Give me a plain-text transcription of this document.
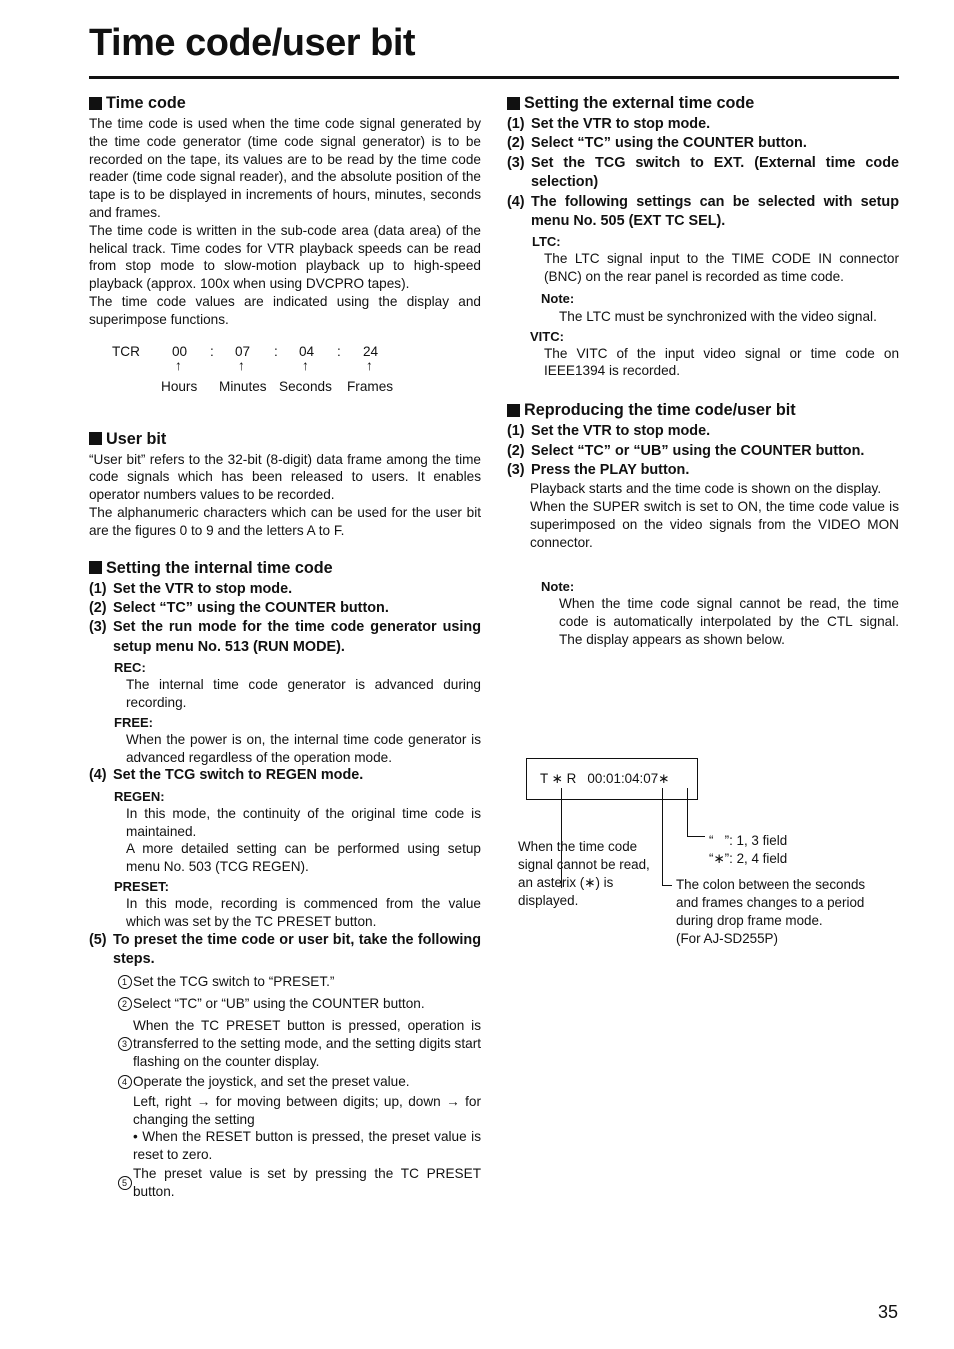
Time code/user bit
Time code

The time code is used when the time code signal generated by the time code generator (time code signal generator) is to be recorded on the tape, its values are to be read by the time code reader (time code signal reader), and the absolute position of the tape is to be displayed in increments of hours, minutes, seconds and frames.

The time code is written in the sub-code area (data area) of the helical track. Time codes for VTR playback speeds can be read from stop mode to slow-motion playback up to high-speed playback (approx. 100x when using DVCPRO tapes).

The time code values are indicated using the display and superimpose functions.

TCR 00 : 07 : 04 : 24
↑	↑	↑	↑
Hours Minutes Seconds Frames
User bit

“User bit” refers to the 32-bit (8-digit) data frame among the time code signals which has been released to users. It enables operator numbers values to be recorded.

The alphanumeric characters which can be used for the user bit are the figures 0 to 9 and the letters A to F.

Setting the internal time code
(1) Set the VTR to stop mode.
(2) Select “TC” using the COUNTER button.
(3) Set the run mode for the time code generator using setup menu No. 513 (RUN MODE).
REC:

The internal time code generator is advanced during recording.

FREE:

When the power is on, the internal time code generator is advanced regardless of the operation mode.

(4) Set the TCG switch to REGEN mode.
REGEN:

In this mode, the continuity of the original time code is maintained.

A more detailed setting can be performed using setup menu No. 503 (TCG REGEN).

PRESET:

In this mode, recording is commenced from the value which was set by the TC PRESET button.

(5) To preset the time code or user bit, take the following steps.
1 Set the TCG switch to “PRESET.”
2 Select “TC” or “UB” using the COUNTER button.
3
When the TC PRESET button is pressed, operation is transferred to the setting mode, and the setting digits start flashing on the counter display.
4 Operate the joystick, and set the preset value.

Left, right → for moving between digits; up, down → for changing the setting

• When the RESET button is pressed, the preset value is reset to zero.

5
The preset value is set by pressing the TC PRESET button.
Setting the external time code
(1) Set the VTR to stop mode.
(2) Select “TC” using the COUNTER button.
(3) Set the TCG switch to EXT. (External time code selection)
(4) The following settings can be selected with setup menu No. 505 (EXT TC SEL).
LTC:

The LTC signal input to the TIME CODE IN connector (BNC) on the rear panel is recorded as time code.

Note:

The LTC must be synchronized with the video signal.

VITC:

The VITC of the input video signal or time code on IEEE1394 is recorded.

Reproducing the time code/user bit
(1) Set the VTR to stop mode.
(2) Select “TC” or “UB” using the COUNTER button.
(3) Press the PLAY button.

Playback starts and the time code is shown on the display.

When the SUPER switch is set to ON, the time code value is superimposed on the video signals from the VIDEO MON connector.

Note:

When the time code signal cannot be read, the time code is automatically interpolated by the CTL signal. The display appears as shown below.

T ∗ R   00:01:04:07∗
When the time code signal cannot be read, an asterix (∗) is displayed.
“   ”: 1, 3 field
“∗”: 2, 4 field
The colon between the seconds and frames changes to a period during drop frame mode.
(For AJ-SD255P)
35
